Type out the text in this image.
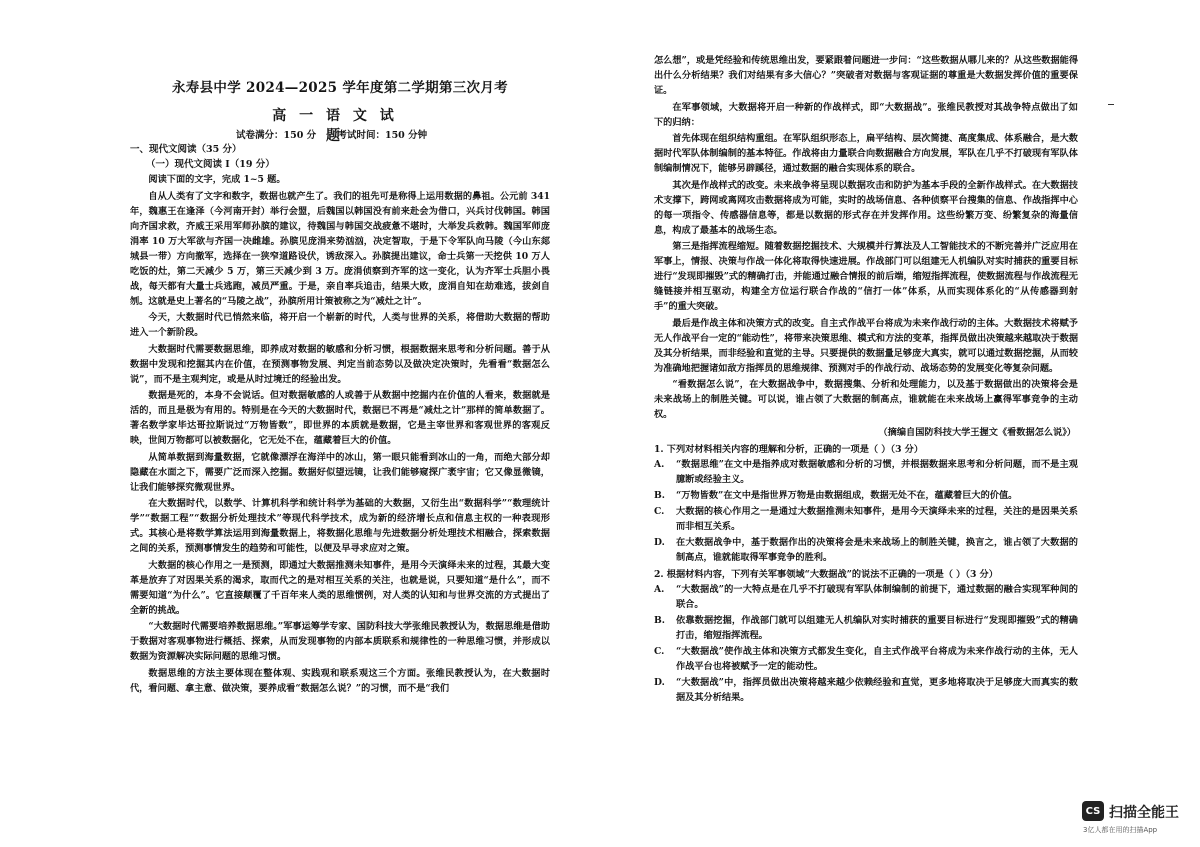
永寿县中学 2024—2025 学年度第二学期第三次月考
高 一 语 文 试 题
试卷满分：150 分 考试时间：150 分钟
一、现代文阅读（35 分）
（一）现代文阅读 I（19 分）

阅读下面的文字，完成 1~5 题。

自从人类有了文字和数字，数据也就产生了。我们的祖先可是称得上运用数据的鼻祖。公元前 341 年，魏惠王在逢泽（今河南开封）举行会盟，后魏国以韩国没有前来赴会为借口，兴兵讨伐韩国。韩国向齐国求救，齐威王采用军师孙膑的建议，待魏国与韩国交战疲惫不堪时，大举发兵救韩。魏国军师庞涓率 10 万大军欲与齐国一决雌雄。孙膑见庞涓来势汹汹，决定智取，于是下令军队向马陵（今山东郯城县一带）方向撤军，选择在一狭窄道路设伏，诱敌深入。孙膑提出建议，命士兵第一天挖供 10 万人吃饭的灶，第二天减少 5 万，第三天减少到 3 万。庞涓侦察到齐军的这一变化，认为齐军士兵胆小畏战，每天都有大量士兵逃跑，减员严重。于是，亲自率兵追击，结果大败，庞涓自知在劫难逃，拔剑自刎。这就是史上著名的“马陵之战”，孙膑所用计策被称之为“减灶之计”。

今天，大数据时代已悄然来临，将开启一个崭新的时代，人类与世界的关系，将借助大数据的帮助进入一个新阶段。

大数据时代需要数据思维，即养成对数据的敏感和分析习惯，根据数据来思考和分析问题。善于从数据中发现和挖掘其内在价值，在预测事物发展、判定当前态势以及做决定决策时，先看看“数据怎么说”，而不是主观判定，或是从时过境迁的经验出发。

数据是死的，本身不会说话。但对数据敏感的人或善于从数据中挖掘内在价值的人看来，数据就是活的，而且是极为有用的。特别是在今天的大数据时代，数据已不再是“减灶之计”那样的简单数据了。著名数学家毕达哥拉斯说过“万物皆数”，即世界的本质就是数据，它是主宰世界和客观世界的客观反映，世间万物都可以被数据化，它无处不在，蕴藏着巨大的价值。

从简单数据到海量数据，它就像漂浮在海洋中的冰山，第一眼只能看到冰山的一角，而绝大部分却隐藏在水面之下，需要广泛而深入挖掘。数据好似望远镜，让我们能够窥探广袤宇宙；它又像显微镜，让我们能够探究微观世界。

在大数据时代，以数学、计算机科学和统计科学为基础的大数据，又衍生出“数据科学”“数理统计学”“数据工程”“数据分析处理技术”等现代科学技术，成为新的经济增长点和信息主权的一种表现形式。其核心是将数学算法运用到海量数据上，将数据化思维与先进数据分析处理技术相融合，探索数据之间的关系，预测事情发生的趋势和可能性，以便及早寻求应对之策。

大数据的核心作用之一是预测，即通过大数据推测未知事件，是用今天演绎未来的过程，其最大变革是放弃了对因果关系的渴求，取而代之的是对相互关系的关注，也就是说，只要知道“是什么”，而不需要知道“为什么”。它直接颠覆了千百年来人类的思维惯例，对人类的认知和与世界交流的方式提出了全新的挑战。

“大数据时代需要培养数据思维。”军事运筹学专家、国防科技大学张维民教授认为，数据思维是借助于数据对客观事物进行概括、探索，从而发现事物的内部本质联系和规律性的一种思维习惯，并形成以数据为资源解决实际问题的思维习惯。

数据思维的方法主要体现在整体观、实践观和联系观这三个方面。张维民教授认为，在大数据时代，看问题、拿主意、做决策，要养成看“数据怎么说？”的习惯，而不是“我们

怎么想”，或是凭经验和传统思维出发，要紧跟着问题进一步问：“这些数据从哪儿来的？从这些数据能得出什么分析结果？我们对结果有多大信心？”突破者对数据与客观证据的尊重是大数据发挥价值的重要保证。

在军事领域，大数据将开启一种新的作战样式，即“大数据战”。张维民教授对其战争特点做出了如下的归纳：

首先体现在组织结构重组。在军队组织形态上，扁平结构、层次简捷、高度集成、体系融合，是大数据时代军队体制编制的基本特征。作战将由力量联合向数据融合方向发展，军队在几乎不打破现有军队体制编制情况下，能够另辟蹊径，通过数据的融合实现体系的联合。

其次是作战样式的改变。未来战争将呈现以数据攻击和防护为基本手段的全新作战样式。在大数据技术支撑下，跨网或离网攻击数据将成为可能，实时的战场信息、各种侦察平台搜集的信息、作战指挥中心的每一项指令、传感器信息等，都是以数据的形式存在并发挥作用。这些纷繁万变、纷繁复杂的海量信息，构成了最基本的战场生态。

第三是指挥流程缩短。随着数据挖掘技术、大规模并行算法及人工智能技术的不断完善并广泛应用在军事上，情报、决策与作战一体化将取得快速进展。作战部门可以组建无人机编队对实时捕获的重要目标进行“发现即摧毁”式的精确打击，并能通过融合情报的前后端，缩短指挥流程，使数据流程与作战流程无缝链接并相互驱动，构建全方位运行联合作战的“信打一体”体系，从而实现体系化的“从传感器到射手”的重大突破。

最后是作战主体和决策方式的改变。自主式作战平台将成为未来作战行动的主体。大数据技术将赋予无人作战平台一定的“能动性”，将带来决策思维、模式和方法的变革，指挥员做出决策越来越取决于数据及其分析结果，而非经验和直觉的主导。只要提供的数据量足够庞大真实，就可以通过数据挖掘，从而较为准确地把握诸如敌方指挥员的思维规律、预测对手的作战行动、战场态势的发展变化等复杂问题。

“看数据怎么说”，在大数据战争中，数据搜集、分析和处理能力，以及基于数据做出的决策将会是未来战场上的制胜关键。可以说，谁占领了大数据的制高点，谁就能在未来战场上赢得军事竞争的主动权。

（摘编自国防科技大学王握文《看数据怎么说》）
1. 下列对材料相关内容的理解和分析，正确的一项是（ ）（3 分）
A.	“数据思维”在文中是指养成对数据敏感和分析的习惯，并根据数据来思考和分析问题，而不是主观臆断或经验主义。
B.	“万物皆数”在文中是指世界万物是由数据组成，数据无处不在，蕴藏着巨大的价值。
C.	大数据的核心作用之一是通过大数据推测未知事件，是用今天演绎未来的过程，关注的是因果关系而非相互关系。
D.	在大数据战争中，基于数据作出的决策将会是未来战场上的制胜关键，换言之，谁占领了大数据的制高点，谁就能取得军事竞争的胜利。
2. 根据材料内容，下列有关军事领域“大数据战”的说法不正确的一项是（ ）（3 分）
A.	“大数据战”的一大特点是在几乎不打破现有军队体制编制的前提下，通过数据的融合实现军种间的联合。
B.	依靠数据挖掘，作战部门就可以组建无人机编队对实时捕获的重要目标进行“发现即摧毁”式的精确打击，缩短指挥流程。
C.	“大数据战”使作战主体和决策方式都发生变化，自主式作战平台将成为未来作战行动的主体，无人作战平台也将被赋予一定的能动性。
D.	“大数据战”中，指挥员做出决策将越来越少依赖经验和直觉，更多地将取决于足够庞大而真实的数据及其分析结果。
CS 扫描全能王
3亿人都在用的扫描App
